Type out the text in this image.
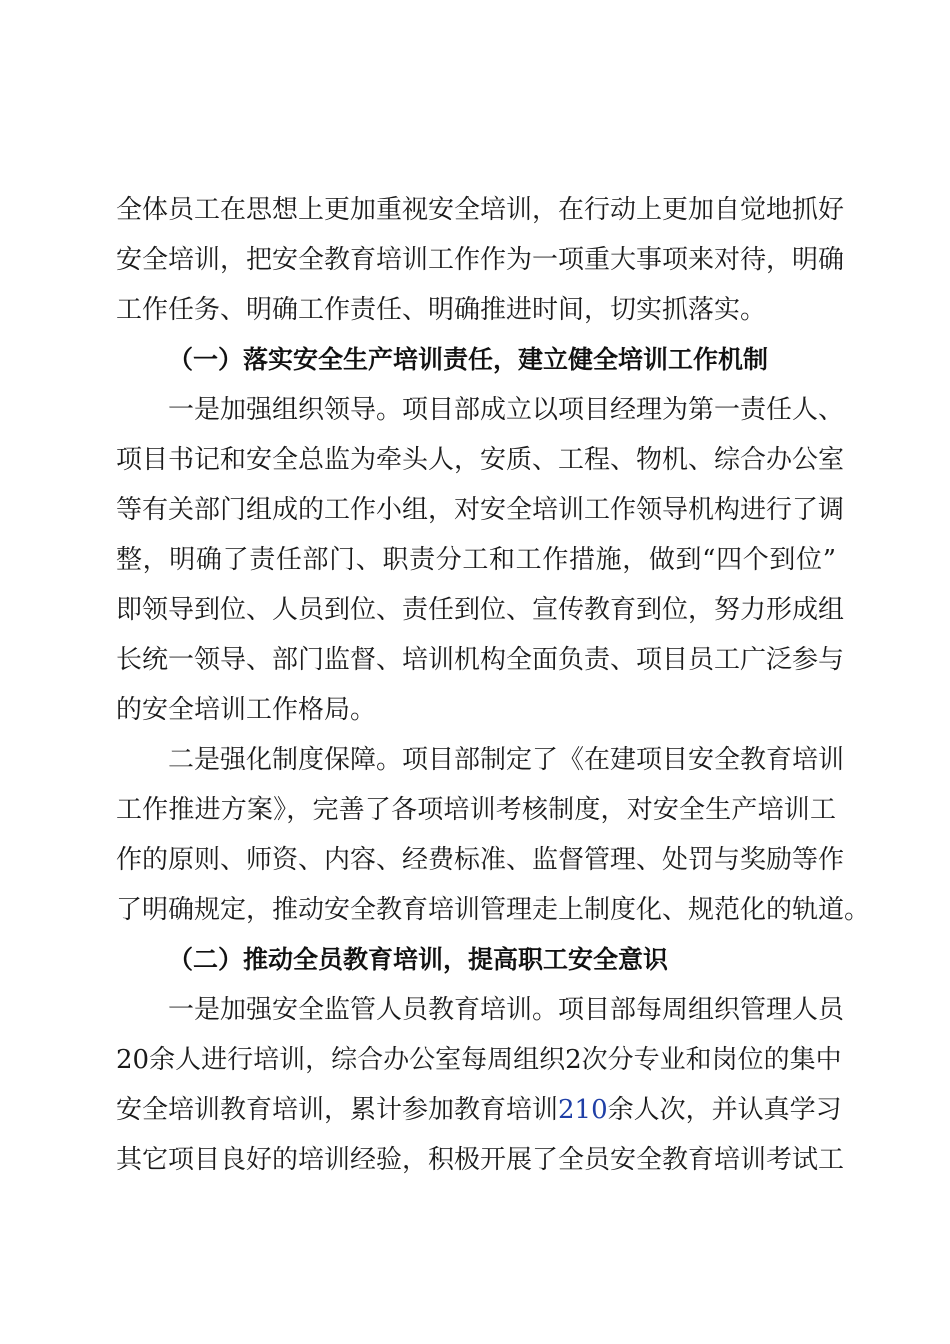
全体员工在思想上更加重视安全培训，在行动上更加自觉地抓好
安全培训，把安全教育培训工作作为一项重大事项来对待，明确
工作任务、明确工作责任、明确推进时间，切实抓落实。
（一）落实安全生产培训责任，建立健全培训工作机制
一是加强组织领导。项目部成立以项目经理为第一责任人、
项目书记和安全总监为牵头人，安质、工程、物机、综合办公室
等有关部门组成的工作小组，对安全培训工作领导机构进行了调
整，明确了责任部门、职责分工和工作措施，做到“四个到位”
即领导到位、人员到位、责任到位、宣传教育到位，努力形成组
长统一领导、部门监督、培训机构全面负责、项目员工广泛参与
的安全培训工作格局。
二是强化制度保障。项目部制定了《在建项目安全教育培训
工作推进方案》，完善了各项培训考核制度，对安全生产培训工
作的原则、师资、内容、经费标准、监督管理、处罚与奖励等作
了明确规定，推动安全教育培训管理走上制度化、规范化的轨道。
（二）推动全员教育培训，提高职工安全意识
一是加强安全监管人员教育培训。项目部每周组织管理人员
20余人进行培训，综合办公室每周组织2次分专业和岗位的集中
安全培训教育培训，累计参加教育培训210余人次，并认真学习
其它项目良好的培训经验，积极开展了全员安全教育培训考试工
